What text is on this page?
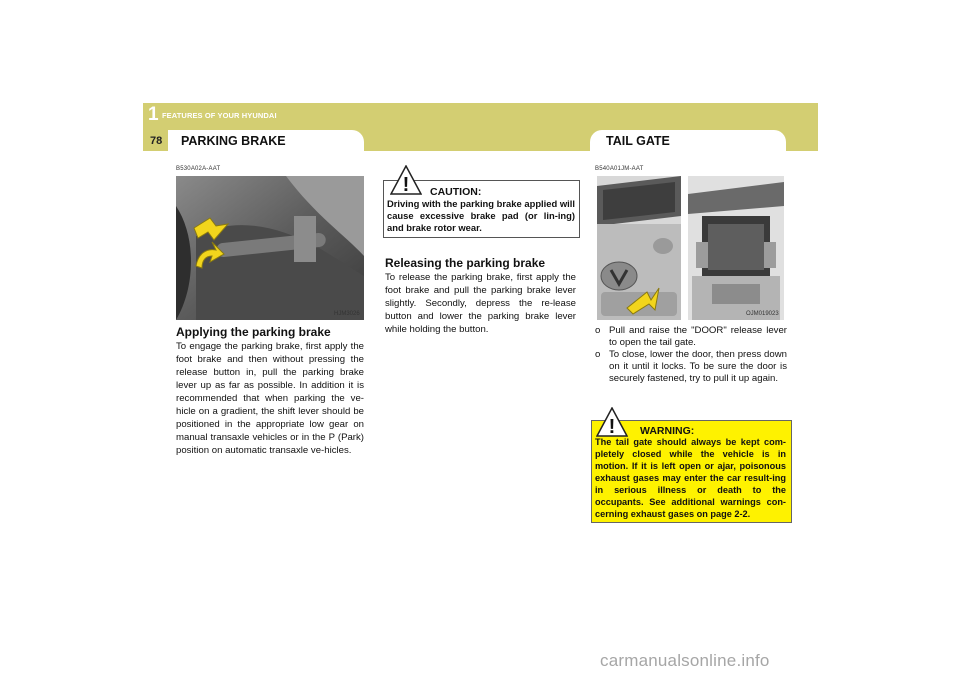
1 FEATURES OF YOUR HYUNDAI
78 PARKING BRAKE	TAIL GATE
B530A02A-AAT
HJM3026
Applying the parking brake
To engage the parking brake, first apply the foot brake and then without pressing the release button in, pull the parking brake lever up as far as possible. In addition it is recommended that when parking the ve-hicle on a gradient, the shift lever should be positioned in the appropriate low gear on manual transaxle vehicles or in the P (Park) position on automatic transaxle ve-hicles.
! CAUTION:
Driving with the parking brake applied will cause excessive brake pad (or lin-ing) and brake rotor wear.
Releasing the parking brake
To release the parking brake, first apply the foot brake and pull the parking brake lever slightly. Secondly, depress the re-lease button and lower the parking brake lever while holding the button.
B540A01JM-AAT
OJM019023
o Pull and raise the "DOOR" release lever to open the tail gate.
o To close, lower the door, then press down on it until it locks. To be sure the door is securely fastened, try to pull it up again.
! WARNING:
The tail gate should always be kept com-pletely closed while the vehicle is in motion. If it is left open or ajar, poisonous exhaust gases may enter the car result-ing in serious illness or death to the occupants. See additional warnings con-cerning exhaust gases on page 2-2.
carmanualsonline.info
